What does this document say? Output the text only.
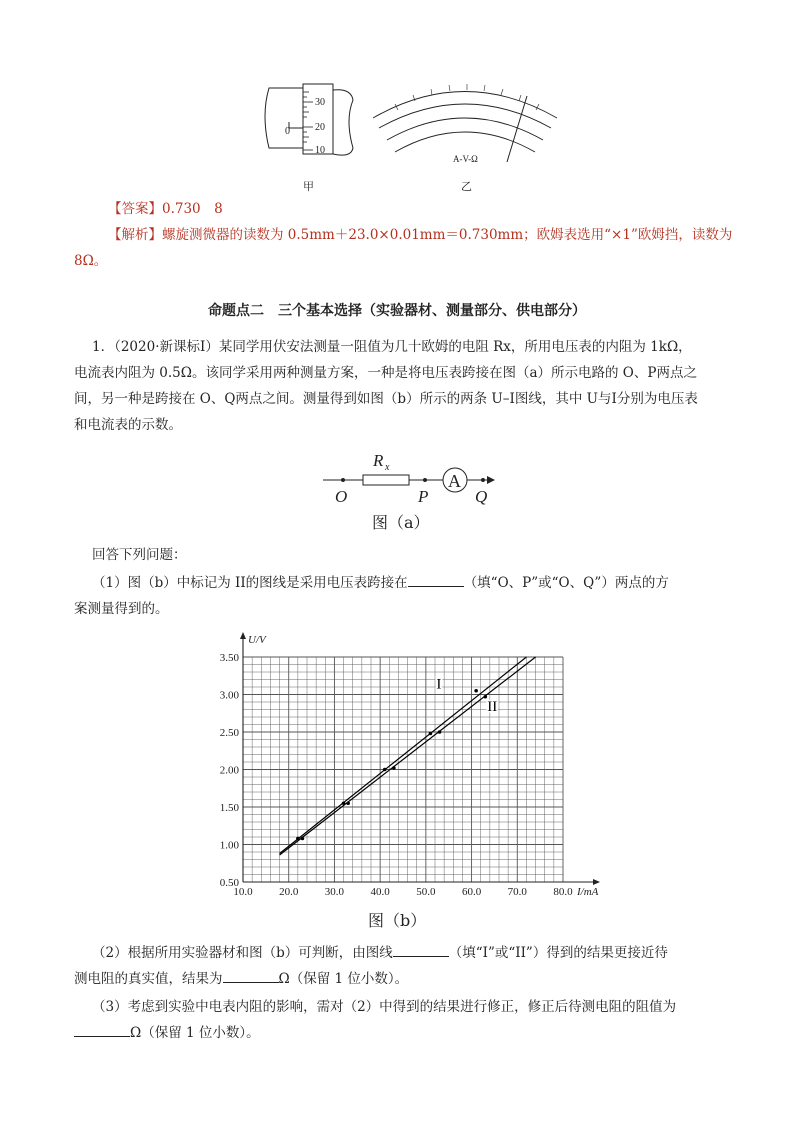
30
20
10
0
甲
A-V-Ω
乙
【答案】0.730　8
【解析】螺旋测微器的读数为 0.5mm＋23.0×0.01mm＝0.730mm；欧姆表选用“×1”欧姆挡，读数为
8Ω。
命题点二　三个基本选择（实验器材、测量部分、供电部分）
1．（2020·新课标Ⅰ）某同学用伏安法测量一阻值为几十欧姆的电阻 Rx，所用电压表的内阻为 1kΩ，
电流表内阻为 0.5Ω。该同学采用两种测量方案，一种是将电压表跨接在图（a）所示电路的 O、P两点之
间，另一种是跨接在 O、Q两点之间。测量得到如图（b）所示的两条 U–I图线，其中 U与I分别为电压表
和电流表的示数。
R x
A
O	P	Q
图（a）
回答下列问题：
（1）图（b）中标记为 II的图线是采用电压表跨接在	（填“O、P”或“O、Q”）两点的方
案测量得到的。
10.0 20.0 30.0 40.0 50.0 60.0 70.0 80.0
0.50
1.00
1.50
2.00
2.50
3.00
3.50
I/mA
U/V
I
II
图（b）
（2）根据所用实验器材和图（b）可判断，由图线	（填“I”或“II”）得到的结果更接近待
测电阻的真实值，结果为	Ω（保留 1 位小数）。
（3）考虑到实验中电表内阻的影响，需对（2）中得到的结果进行修正，修正后待测电阻的阻值为
Ω（保留 1 位小数）。
